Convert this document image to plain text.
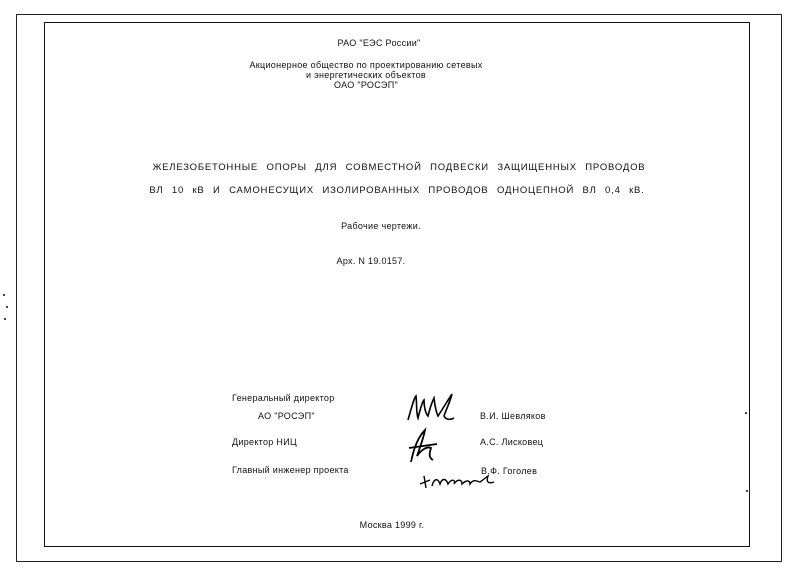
РАО "ЕЭС России"
Акционерное общество по проектированию сетевых
и энергетических объектов
ОАО "РОСЭП"
ЖЕЛЕЗОБЕТОННЫЕ ОПОРЫ ДЛЯ СОВМЕСТНОЙ ПОДВЕСКИ ЗАЩИЩЕННЫХ ПРОВОДОВ
ВЛ 10 кВ И САМОНЕСУЩИХ ИЗОЛИРОВАННЫХ ПРОВОДОВ ОДНОЦЕПНОЙ ВЛ 0,4 кВ.
Рабочие чертежи.
Арх. N 19.0157.
Генеральный директор
АО "РОСЭП"	В.И. Шевляков
Директор НИЦ	А.С. Лисковец
Главный инженер проекта	В.Ф. Гоголев
Москва 1999 г.
